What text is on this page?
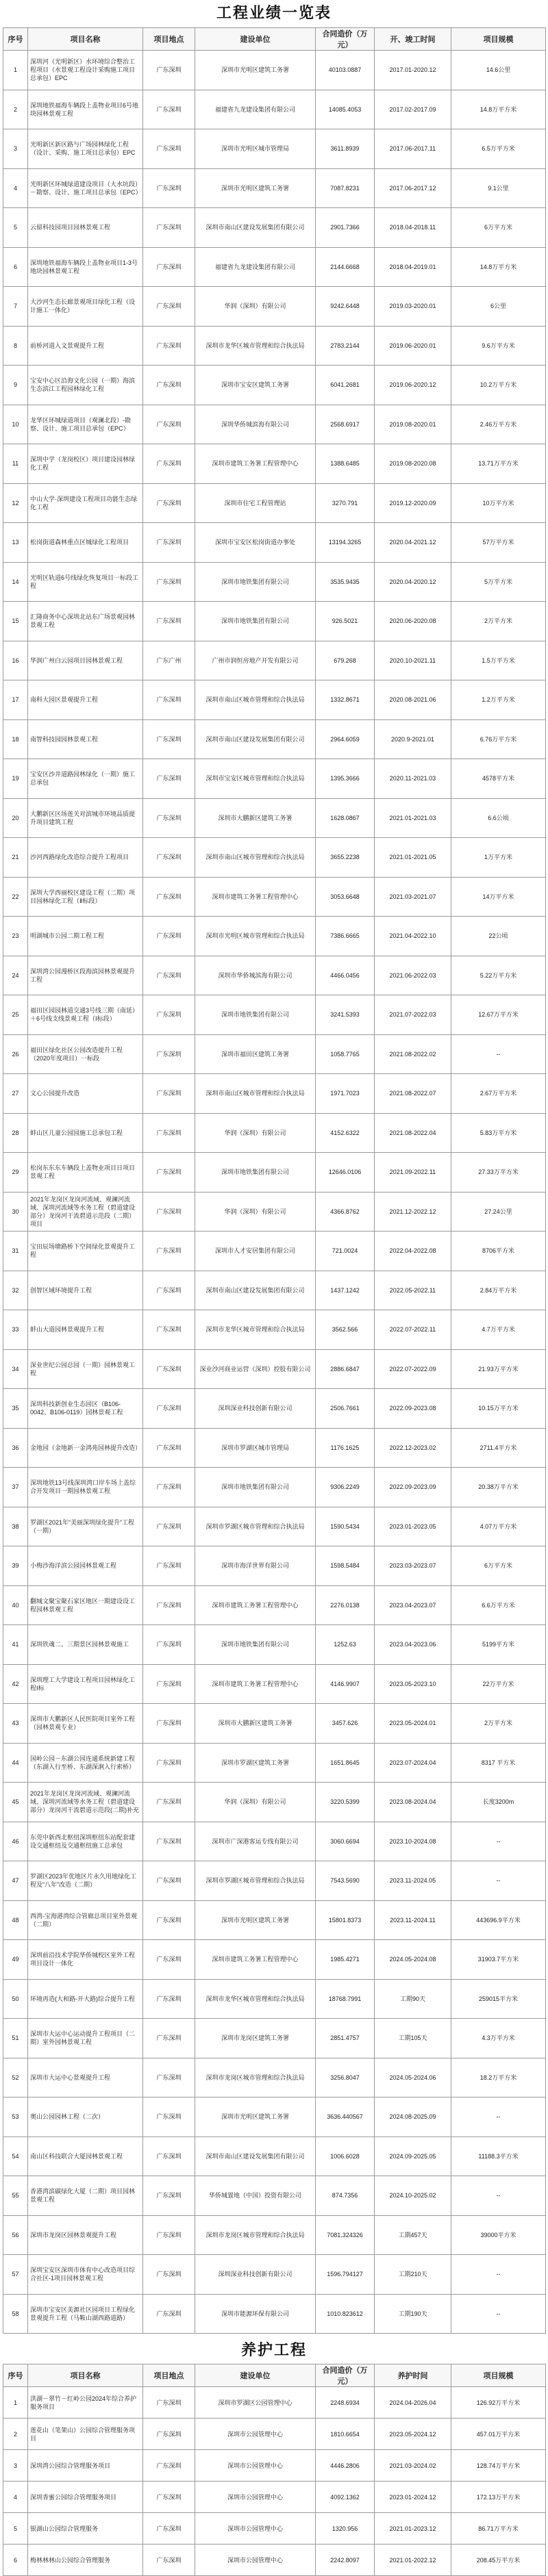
工程业绩一览表
序号	项目名称	项目地点	建设单位	合同造价（万元）	开、竣工时间	项目规模
1	深圳河（光明新区）水环境综合整治工程项目（水景观工程设计采购施工项目总承包）EPC	广东深圳	深圳市光明区建筑工务署	40103.0887	2017.01-2020.12	14.6公里
2	深圳地铁福海车辆段上盖物业项目6号地块园林景观工程	广东深圳	福建省九龙建设集团有限公司	14085.4053	2017.02-2017.09	14.8万平方米
3	光明新区新区路与广场园林绿化工程（设计、采购、施工项目总承包）EPC	广东深圳	深圳市光明区城市管理局	3611.8939	2017.06-2017.11	6.5万平方米
4	光明新区环城绿道建设项目（大水坑段）－勘察、设计、施工项目总承包（EPC）	广东深圳	深圳市光明区建筑工务署	7087.8231	2017.06-2017.12	9.1公里
5	云留科技园项目园林景观工程	广东深圳	深圳市南山区建设发展集团有限公司	2901.7366	2018.04-2018.11	6万平方米
6	深圳地铁福海车辆段上盖物业项目1-3号地块园林景观工程	广东深圳	福建省九龙建设集团有限公司	2144.6668	2018.04-2019.01	14.8万平方米
7	大沙河生态长廊景观项目绿化工程（设计施工一体化）	广东深圳	华润（深圳）有限公司	9242.6448	2019.03-2020.01	6公里
8	前桥河道入文景观提升工程	广东深圳	深圳市龙华区城市管理和综合执法局	2783.2144	2019.06-2020.01	9.6万平方米
9	宝安中心区沿海文化公园（一期）海滨生态滨江工程园林绿化工程	广东深圳	深圳市宝安区建筑工务署	6041.2681	2019.06-2020.12	10.2万平方米
10	龙华区环城绿道项目（观澜北段）-勘察、设计、施工项目总承包（EPC）	广东深圳	深圳华侨城滨海有限公司	2568.6917	2019.08-2020.01	2.46万平方米
11	深圳中学（龙岗校区）项目建设园林绿化工程	广东深圳	深圳市建筑工务署工程管理中心	1388.6485	2019.08-2020.08	13.71万平方米
12	中山大学·深圳建设工程项目功能生态绿化工程	广东深圳	深圳市住宅工程管理站	3270.791	2019.12-2020.09	10万平方米
13	松岗街道森林重点区城绿化工程项目	广东深圳	深圳市宝安区松岗街道办事处	13194.3265	2020.04-2021.12	57万平方米
14	光明区轨道6号线绿化恢复项目一标段工程	广东深圳	深圳市地铁集团有限公司	3535.9435	2020.04-2020.12	5万平方米
15	汇隆商务中心深圳北站东广场景观园林景观工程	广东深圳	深圳市地铁集团有限公司	926.5021	2020.06-2020.08	2万平方米
16	华润广州白云园项目园林景观工程	广东广州	广州市润恒房地产开发有限公司	679.268	2020.10-2021.11	1.5万平方米
17	南科大园区景观提升工程	广东深圳	深圳市南山区城市管理和综合执法局	1332.8671	2020.08-2021.06	1.2万平方米
18	南智科技园园林景观工程	广东深圳	深圳市南山区建设发展集团有限公司	2964.6059	2020.9-2021.01	6.76万平方米
19	宝安区沙井道路园林绿化（一期）施工总承包	广东深圳	深圳市宝安区城市管理和综合执法局	1395.3666	2020.11-2021.03	4578平方米
20	大鹏新区区场莲关对滨城市环境品质提升项目建筑工程	广东深圳	深圳市大鹏新区建筑工务署	1628.0867	2021.01-2021.03	6.6公顷
21	沙河西路绿化改造综合提升工程项目	广东深圳	深圳市南山区城市管理和综合执法局	3655.2238	2021.01-2021.05	1万平方米
22	深圳大学西丽校区建设工程（二期）项目园林绿化工程（Ⅱ标段）	广东深圳	深圳市建筑工务署工程管理中心	3053.6648	2021.03-2021.07	14万平方米
23	明湖城市公园二期工程工程	广东深圳	深圳市光明区城市管理和综合执法局	7386.6665	2021.04-2022.10	22公顷
24	深圳湾公园漫桥区段海滨园林景观提升工程	广东深圳	深圳市华侨城滨海有限公司	4466.0456	2021.06-2022.03	5.22万平方米
25	福田区园园林道交通3号线三期（南延）＋6号线支线景观工程（Ⅰ标段）	广东深圳	深圳市地铁集团有限公司	3241.5393	2021.07-2022.03	12.67万平方米
26	福田区绿化社区公园改造提升工程（2020年度项目）一标段	广东深圳	深圳市福田区建筑工务署	1058.7765	2021.08-2022.02	--
27	文心公园提升改造	广东深圳	深圳市南山区城市管理和综合执法局	1971.7023	2021.08-2022.07	2.67万平方米
28	蚌山区儿童公园园施工总承包工程	广东深圳	华润（深圳）有限公司	4152.6322	2021.08-2022.04	5.83万平方米
29	松岗东东东车辆段上盖物业项目日项目景观工程	广东深圳	深圳市地铁集团有限公司	12646.0106	2021.09-2022.11	27.33万平方米
30	2021年龙岗区龙岗河流域、观澜河流域、深圳河流域等水务工程（碧道建设部分）龙岗河干流碧道示范段（二期）项目	广东深圳	华润（深圳）有限公司	4366.8762	2021.12-2022.12	27.24公里
31	宝田辰场塘路桥下空间绿化景观提升工程	广东深圳	深圳市人才安居集团有限公司	721.0024	2022.04-2022.08	8706平方米
32	创智区域环境提升工程	广东深圳	深圳市南山区建设发展集团有限公司	1437.1242	2022.05-2022.11	2.84万平方米
33	蚌山大道园林景观提升工程	广东深圳	深圳市龙华区城市管理和综合执法局	3562.566	2022.07-2022.11	4.7万平方米
34	深业世纪公园总园（一期）园林景观工程	广东深圳	深业沙河商业运营（深圳）控股有限公司	2886.6847	2022.07-2022.09	21.93万平方米
35	深圳科技新创业生态园区（B106-0042、B106-0119）园林景观工程	广东深圳	深圳深业科技创新有限公司	2506.7661	2022.09-2023.08	10.15万平方米
36	金地园（金地新一金鸿苑园林提升改造）	广东深圳	深圳市罗湖区城市管理局	1176.1625	2022.12-2023.02	2711.4平方米
37	深圳地铁13号线深圳湾口岸车场上盖综合开发项目一期园林景观工程	广东深圳	深圳市地铁集团有限公司	9306.2249	2022.09-2023.09	20.38万平方米
38	罗湖区2021年“美丽深圳绿化提升”工程（一期）	广东深圳	深圳市罗湖区城市管理和综合执法局	1590.5434	2023.01-2023.05	4.07万平方米
39	小梅沙海洋滨公园园林景观工程	广东深圳	深圳市海洋世界有限公司	1598.5484	2023.03-2023.07	6万平方米
40	翻城文聚宝聚石家区地区一期建设设工程园林景观工程	广东深圳	深圳市建筑工务署工程管理中心	2276.0138	2023.04-2023.07	6.6万平方米
41	深圳铁魂二、三期景区园林景观施工	广东深圳	深圳市地铁集团有限公司	1252.63	2023.04-2023.06	5199平方米
42	深圳理工大学建设工程项目园林绿化工程Ⅰ标	广东深圳	深圳市建筑工务署工程管理中心	4146.9907	2023.05-2023.10	22万平方米
43	深圳市大鹏新区人民医院项目室外工程（园林景观专业）	广东深圳	深圳市大鹏新区建筑工务署	3457.626	2023.05-2024.01	2万平方米
44	国岭公园－东湖公园连通系统新建工程（东湖入行至桥、东湖深涧入行索桥）	广东深圳	深圳市罗湖区建筑工务署	1651.8645	2023.07-2024.04	8317 平方米
45	2021年龙岗区龙岗河流域、观澜河流域、深圳河流域等水务工程（碧道建设部分）龙岗河干流碧道示范段(二期)补充	广东深圳	华润（深圳）有限公司	3220.5399	2023.08-2024.04	长度3200m
46	东莞中新西北枢纽深圳枢纽东站配套建设交通枢纽及交通枢纽施工总承包	广东深圳	深圳市广深港客运专线有限公司	3060.6694	2023.10-2024.08	--
47	罗湖区2023年优地区片永久用地绿化工程及“八年”改造（二期）	广东深圳	深圳市罗湖区城市管理和综合执法局	7543.5690	2023.11-2024.05	--
48	西湾-宝海港湾综合管廊总项目室外景观（二期）	广东深圳	深圳市光明区建筑工务署	15801.8373	2023.11-2024.11	443696.9平方米
49	深圳前沿技术学院华侨城校区室外工程项目设计一体化	广东深圳	深圳市建筑工务署工程管理中心	1985.4271	2024.05-2024.08	31903.7平方米
50	环境再造(大和路-开大路)综合提升工程	广东深圳	深圳市龙华区城市管理和综合执法局	18768.7991	工期90天	259015平方米
51	深圳市大运中心运动提升工程项目（二期）室外园林景观工程	广东深圳	深圳市龙岗区建筑工务署	2851.4757	工期105天	4.3万平方米
52	深圳市大运中心景观提升工程	广东深圳	深圳市龙岗区城市管理和综合执法局	3256.8047	2024.05-2024.06	18.2万平方米
53	奥山公园园林工程（二次）	广东深圳	深圳市光明区建筑工务署	3636.440567	2024.08-2025.09	--
54	南山区科技联合大厦园林景观工程	广东深圳	深圳市南山区建设发展集团有限公司	1006.6028	2024.09-2025.05	11188.3平方米
55	香港湾滨碳绿化大厦（二期）项目园林景观工程	广东深圳	华侨城置地（中国）投资有限公司	874.7356	2024.10-2025.02	--
56	深圳市龙岗区园林景观提升工程	广东深圳	深圳市龙岗区城市管理和综合执法局	7081.324326	工期457天	39000平方米
57	深圳宝安区深圳市体育中心改造项目综合社区-1项目园林景观工程	广东深圳	深圳深业科技创新有限公司	1596.794127	工期210天	--
58	深圳市宝安区美源社区园项目工程绿化景观提升工程（马鞍山湖西路道路）	广东深圳	深圳市能源环保有限公司	1010.823612	工期190天	--
养护工程
序号	项目名称	项目地点	建设单位	合同造价（万元）	养护时间	项目规模
1	洪湖－翠竹－红岭公园2024年综合养护服务项目	广东深圳	深圳市罗湖区公园管理中心	2248.6934	2024.04-2026.04	126.92万平方米
2	莲花山（笔架山）公园综合管理服务项目	广东深圳	深圳市公园管理中心	1810.6654	2023.05-2024.12	457.01万平方米
3	深圳湾公园综合管理服务项目	广东深圳	深圳市公园管理中心	4446.2806	2021.03-2024.02	128.74万平方米
4	深圳香蜜公园综合管理服务项目	广东深圳	深圳市公园管理中心	4092.1362	2023.01-2024.12	172.13万平方米
5	银湖山公园综合管理服务	广东深圳	深圳市公园管理中心	1320.956	2021.01-2023.12	86.71万平方米
6	梅林林林山公园综合管理服务	广东深圳	深圳市公园管理中心	2242.8097	2021.01-2022.12	208.45万平方米
